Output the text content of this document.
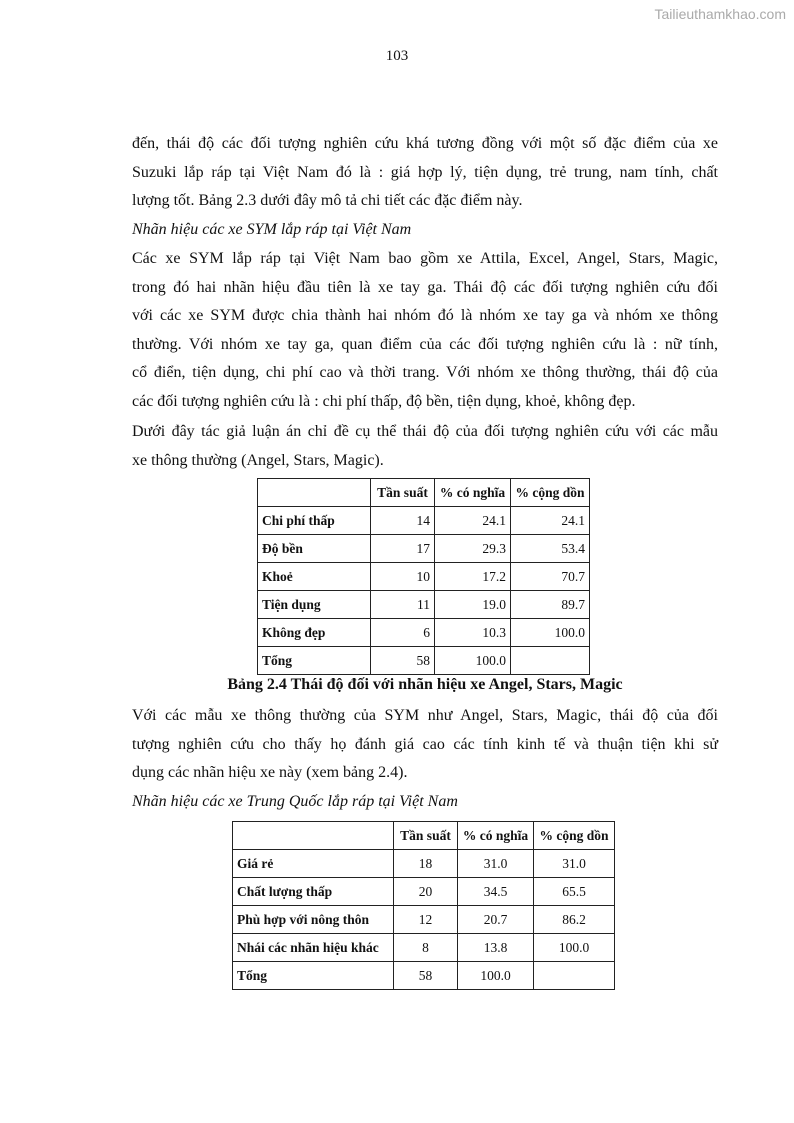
Tailieuthamkhao.com
103
đến, thái độ các đối tượng nghiên cứu khá tương đồng với một số đặc điểm của xe
Suzuki lắp ráp tại Việt Nam đó là : giá hợp lý, tiện dụng, trẻ trung, nam tính, chất
lượng tốt. Bảng 2.3 dưới đây mô tả chi tiết các đặc điểm này.
Nhãn hiệu các xe SYM lắp ráp tại Việt Nam
Các xe SYM lắp ráp tại Việt Nam bao gồm xe Attila, Excel, Angel, Stars, Magic,
trong đó hai nhãn hiệu đầu tiên là xe tay ga. Thái độ các đối tượng nghiên cứu đối
với các xe SYM được chia thành hai nhóm đó là nhóm xe tay ga và nhóm xe thông
thường. Với nhóm xe tay ga, quan điểm của các đối tượng nghiên cứu là : nữ tính,
cổ điển, tiện dụng, chi phí cao và thời trang. Với nhóm xe thông thường, thái độ của
các đối tượng nghiên cứu là : chi phí thấp, độ bền, tiện dụng, khoẻ, không đẹp.
Dưới đây tác giả luận án chỉ đề cụ thể thái độ của đối tượng nghiên cứu với các mẫu
xe thông thường (Angel, Stars, Magic).
	Tần suất	% có nghĩa	% cộng dồn
Chi phí thấp	14	24.1	24.1
Độ bền	17	29.3	53.4
Khoẻ	10	17.2	70.7
Tiện dụng	11	19.0	89.7
Không đẹp	6	10.3	100.0
Tổng	58	100.0	
Bảng 2.4 Thái độ đối với nhãn hiệu xe Angel, Stars, Magic
Với các mẫu xe thông thường của SYM như Angel, Stars, Magic, thái độ của đối
tượng nghiên cứu cho thấy họ đánh giá cao các tính kinh tế và thuận tiện khi sử
dụng các nhãn hiệu xe này (xem bảng 2.4).
Nhãn hiệu các xe Trung Quốc lắp ráp tại Việt Nam
	Tần suất	% có nghĩa	% cộng dồn
Giá rẻ	18	31.0	31.0
Chất lượng thấp	20	34.5	65.5
Phù hợp với nông thôn	12	20.7	86.2
Nhái các nhãn hiệu khác	8	13.8	100.0
Tổng	58	100.0	
